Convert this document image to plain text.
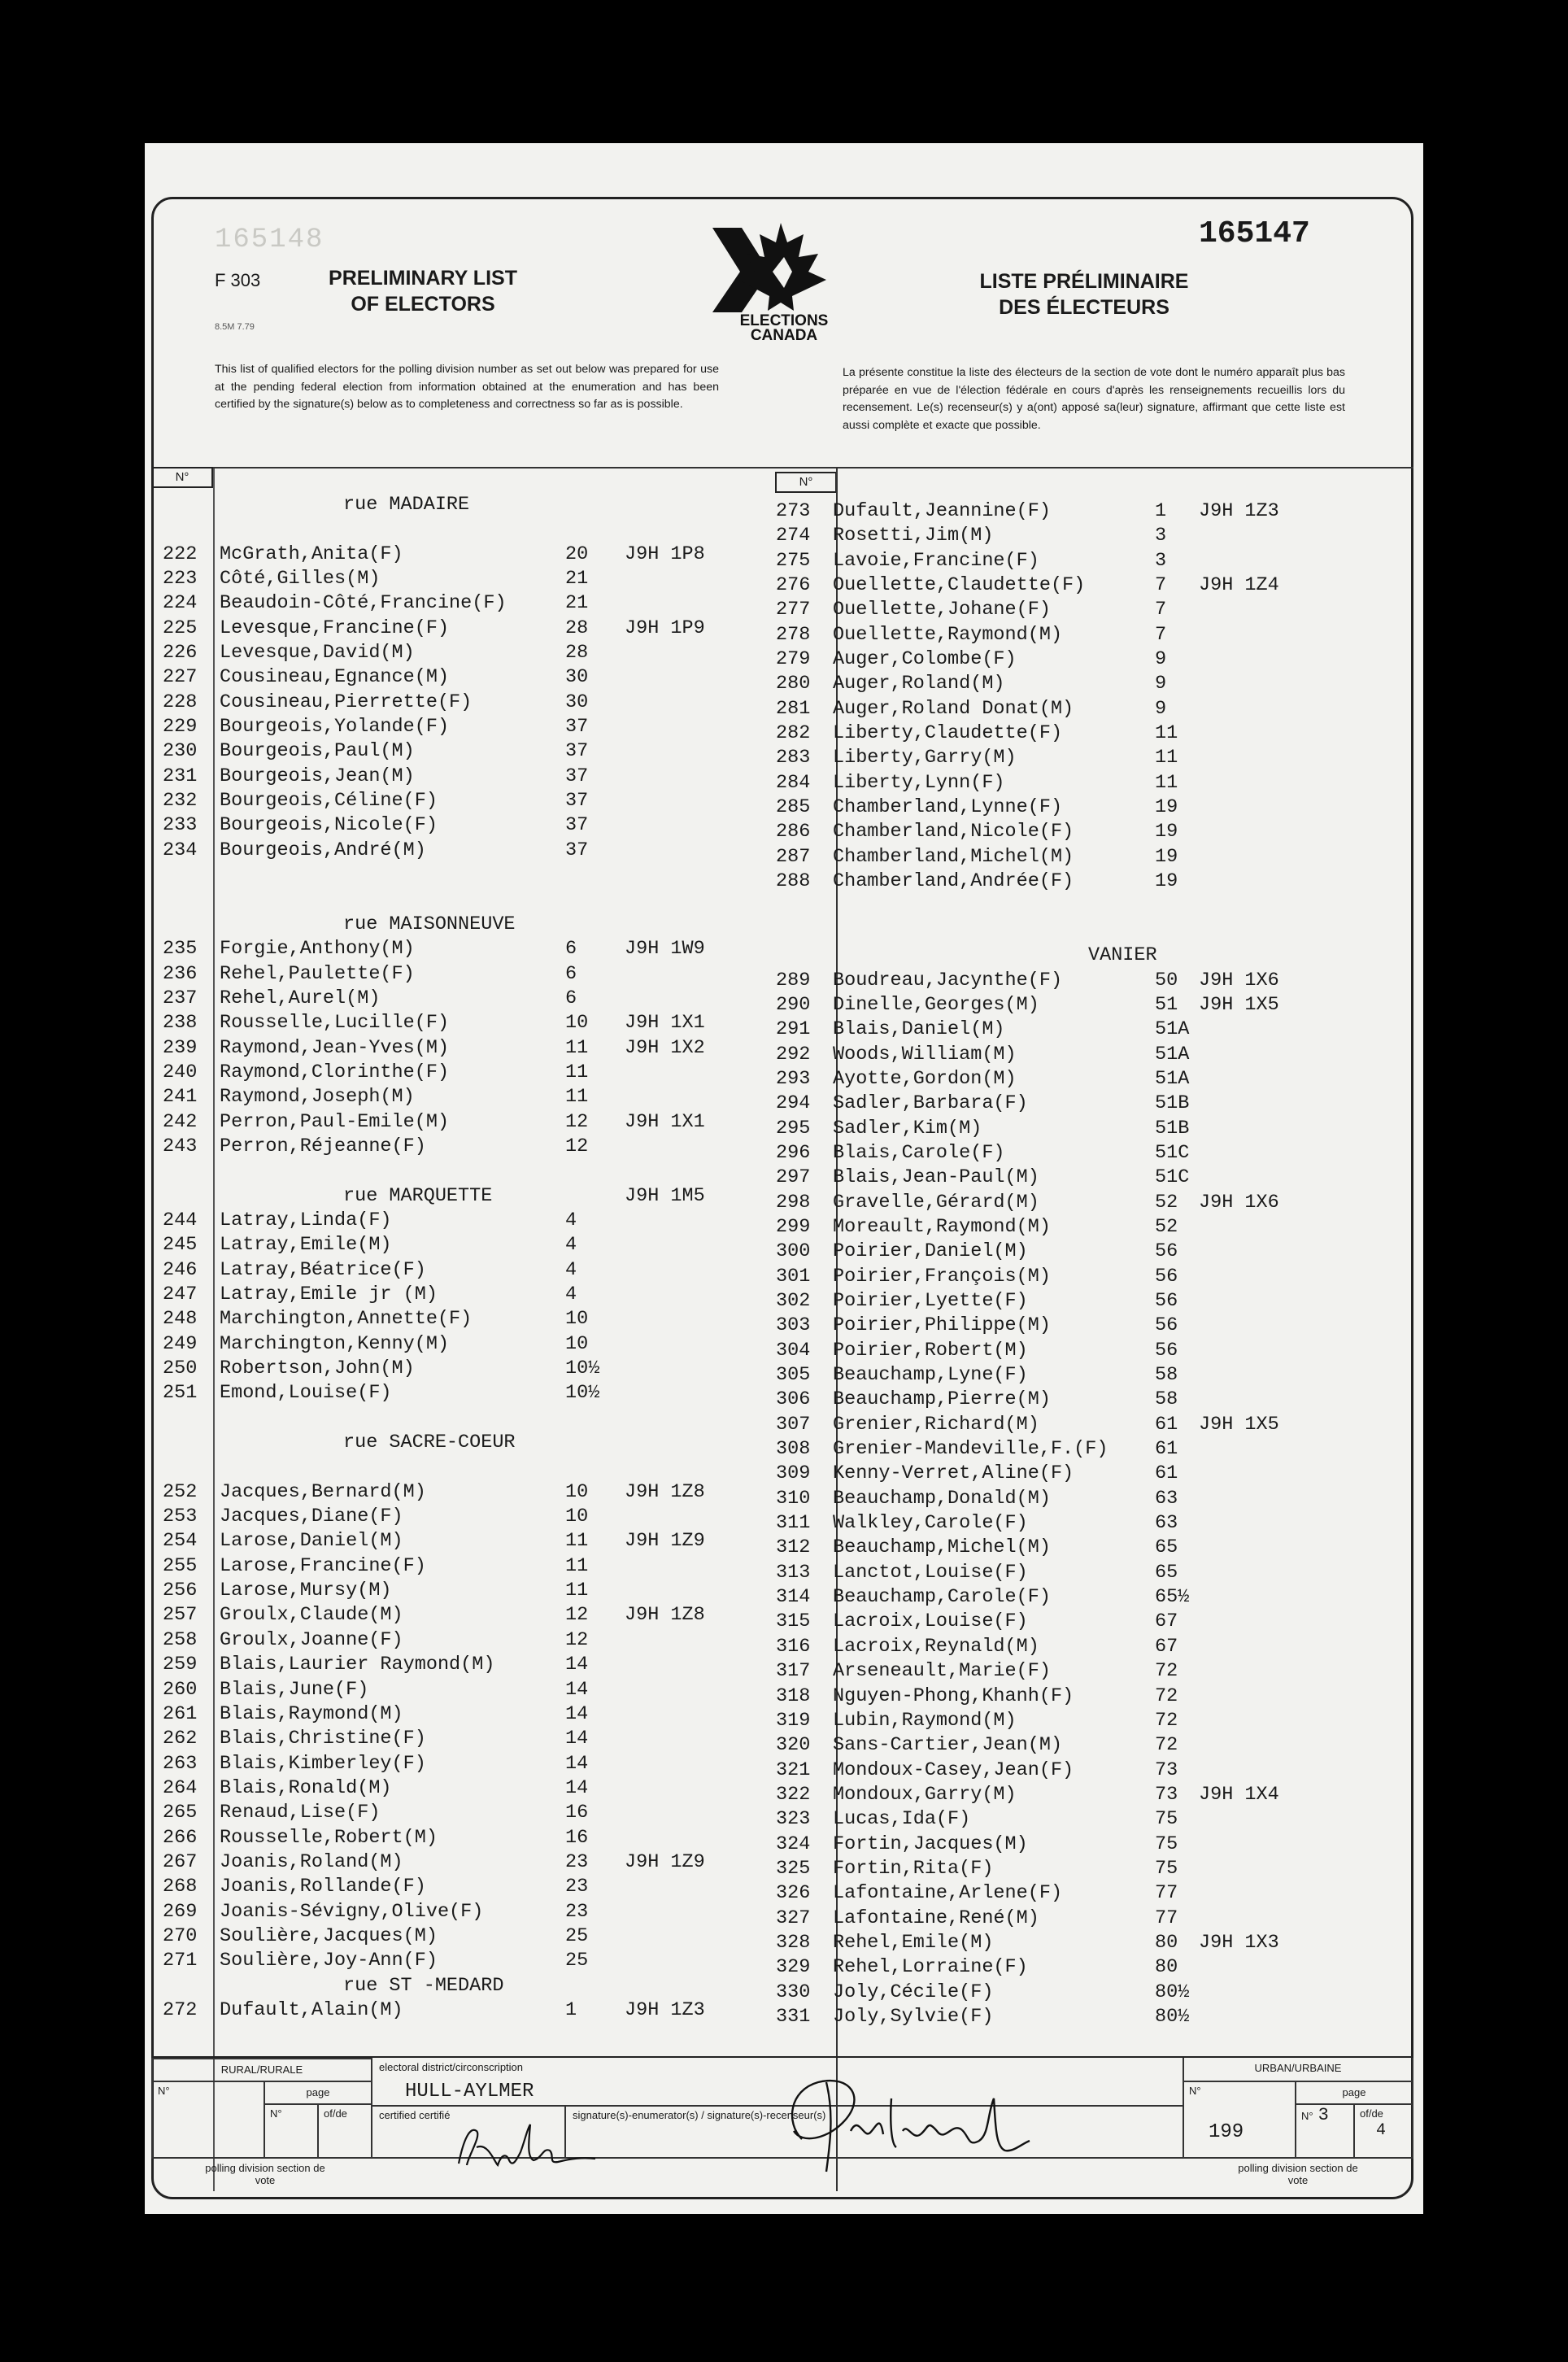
165148
F 303
8.5M 7.79
PRELIMINARY LIST OF ELECTORS
ELECTIONS
CANADA
LISTE PRÉLIMINAIRE DES ÉLECTEURS
165147
This list of qualified electors for the polling division number as set out below was prepared for use at the pending federal election from information obtained at the enumeration and has been certified by the signature(s) below as to completeness and correctness so far as is possible.
La présente constitue la liste des électeurs de la section de vote dont le numéro apparaît plus bas préparée en vue de l'élection fédérale en cours d'après les renseignements recueillis lors du recensement. Le(s) recenseur(s) y a(ont) apposé sa(leur) signature, affirmant que cette liste est aussi complète et exacte que possible.
N°	N°
rue MADAIRE
222 McGrath,Anita(F)	20 J9H 1P8
223 Côté,Gilles(M)	21
224 Beaudoin-Côté,Francine(F)	21
225 Levesque,Francine(F)	28 J9H 1P9
226 Levesque,David(M)	28
227 Cousineau,Egnance(M)	30
228 Cousineau,Pierrette(F)	30
229 Bourgeois,Yolande(F)	37
230 Bourgeois,Paul(M)	37
231 Bourgeois,Jean(M)	37
232 Bourgeois,Céline(F)	37
233 Bourgeois,Nicole(F)	37
234 Bourgeois,André(M)	37
rue MAISONNEUVE
235 Forgie,Anthony(M)	6	J9H 1W9
236 Rehel,Paulette(F)	6
237 Rehel,Aurel(M)	6
238 Rousselle,Lucille(F)	10 J9H 1X1
239 Raymond,Jean-Yves(M)	11 J9H 1X2
240 Raymond,Clorinthe(F)	11
241 Raymond,Joseph(M)	11
242 Perron,Paul-Emile(M)	12 J9H 1X1
243 Perron,Réjeanne(F)	12
rue MARQUETTE	J9H 1M5
244 Latray,Linda(F)	4
245 Latray,Emile(M)	4
246 Latray,Béatrice(F)	4
247 Latray,Emile jr (M)	4
248 Marchington,Annette(F)	10
249 Marchington,Kenny(M)	10
250 Robertson,John(M)	10½
251 Emond,Louise(F)	10½
rue SACRE-COEUR
252 Jacques,Bernard(M)	10 J9H 1Z8
253 Jacques,Diane(F)	10
254 Larose,Daniel(M)	11 J9H 1Z9
255 Larose,Francine(F)	11
256 Larose,Mursy(M)	11
257 Groulx,Claude(M)	12 J9H 1Z8
258 Groulx,Joanne(F)	12
259 Blais,Laurier Raymond(M)	14
260 Blais,June(F)	14
261 Blais,Raymond(M)	14
262 Blais,Christine(F)	14
263 Blais,Kimberley(F)	14
264 Blais,Ronald(M)	14
265 Renaud,Lise(F)	16
266 Rousselle,Robert(M)	16
267 Joanis,Roland(M)	23 J9H 1Z9
268 Joanis,Rollande(F)	23
269 Joanis-Sévigny,Olive(F)	23
270 Soulière,Jacques(M)	25
271 Soulière,Joy-Ann(F)	25
rue ST -MEDARD
272 Dufault,Alain(M)	1	J9H 1Z3
273 Dufault,Jeannine(F)	1 J9H 1Z3
274 Rosetti,Jim(M)	3
275 Lavoie,Francine(F)	3
276 Ouellette,Claudette(F)	7 J9H 1Z4
277 Ouellette,Johane(F)	7
278 Ouellette,Raymond(M)	7
279 Auger,Colombe(F)	9
280 Auger,Roland(M)	9
281 Auger,Roland Donat(M)	9
282 Liberty,Claudette(F)	11
283 Liberty,Garry(M)	11
284 Liberty,Lynn(F)	11
285 Chamberland,Lynne(F)	19
286 Chamberland,Nicole(F)	19
287 Chamberland,Michel(M)	19
288 Chamberland,Andrée(F)	19
VANIER
289 Boudreau,Jacynthe(F)	50 J9H 1X6
290 Dinelle,Georges(M)	51 J9H 1X5
291 Blais,Daniel(M)	51A
292 Woods,William(M)	51A
293 Ayotte,Gordon(M)	51A
294 Sadler,Barbara(F)	51B
295 Sadler,Kim(M)	51B
296 Blais,Carole(F)	51C
297 Blais,Jean-Paul(M)	51C
298 Gravelle,Gérard(M)	52 J9H 1X6
299 Moreault,Raymond(M)	52
300 Poirier,Daniel(M)	56
301 Poirier,François(M)	56
302 Poirier,Lyette(F)	56
303 Poirier,Philippe(M)	56
304 Poirier,Robert(M)	56
305 Beauchamp,Lyne(F)	58
306 Beauchamp,Pierre(M)	58
307 Grenier,Richard(M)	61 J9H 1X5
308 Grenier-Mandeville,F.(F) 61
309 Kenny-Verret,Aline(F)	61
310 Beauchamp,Donald(M)	63
311 Walkley,Carole(F)	63
312 Beauchamp,Michel(M)	65
313 Lanctot,Louise(F)	65
314 Beauchamp,Carole(F)	65½
315 Lacroix,Louise(F)	67
316 Lacroix,Reynald(M)	67
317 Arseneault,Marie(F)	72
318 Nguyen-Phong,Khanh(F)	72
319 Lubin,Raymond(M)	72
320 Sans-Cartier,Jean(M)	72
321 Mondoux-Casey,Jean(F)	73
322 Mondoux,Garry(M)	73 J9H 1X4
323 Lucas,Ida(F)	75
324 Fortin,Jacques(M)	75
325 Fortin,Rita(F)	75
326 Lafontaine,Arlene(F)	77
327 Lafontaine,René(M)	77
328 Rehel,Emile(M)	80 J9H 1X3
329 Rehel,Lorraine(F)	80
330 Joly,Cécile(F)	80½
331 Joly,Sylvie(F)	80½
RURAL/RURALE
N°	page
N°	of/de
polling division section de vote
electoral district/circonscription
HULL-AYLMER
certified certifié	signature(s)-enumerator(s) / signature(s)-recenseur(s)
URBAN/URBAINE
N°
199
page
N° 3	of/de
4
polling division section de vote
